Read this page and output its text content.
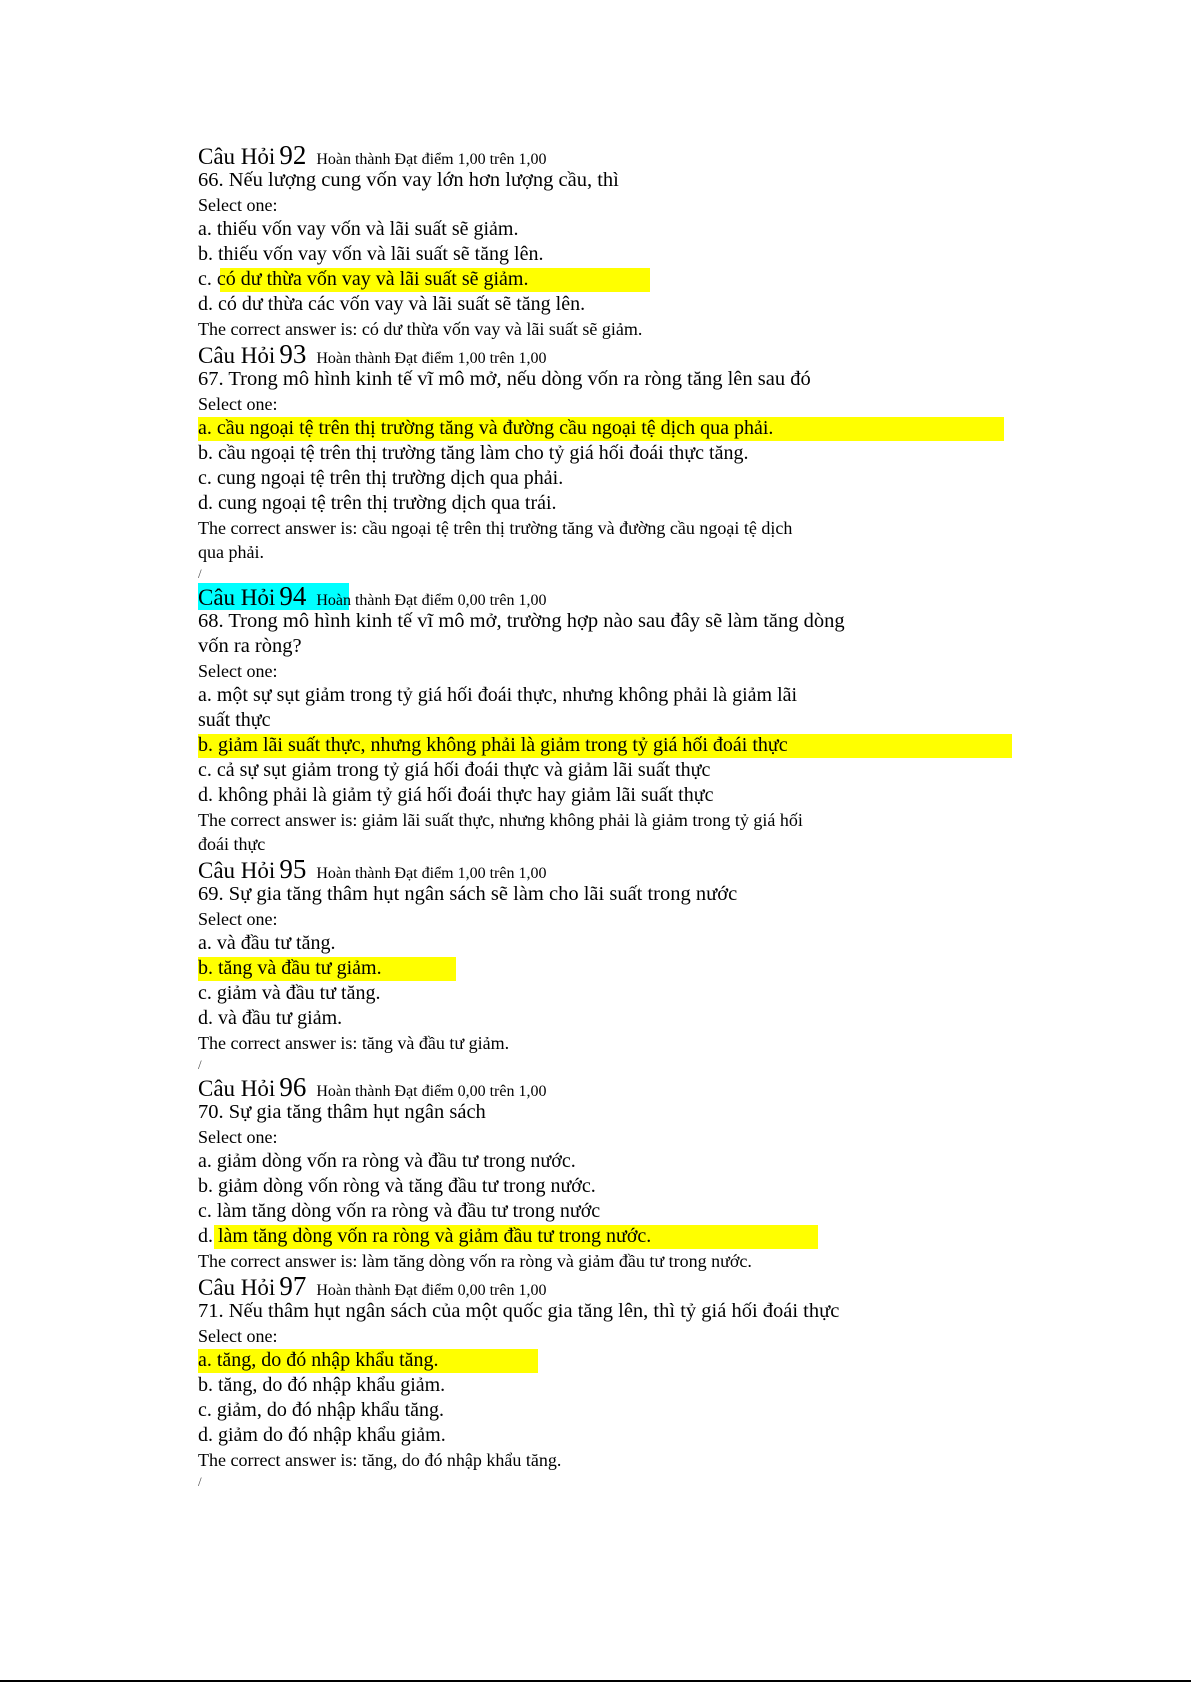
Câu Hỏi 92 Hoàn thành Đạt điểm 1,00 trên 1,00
66. Nếu lượng cung vốn vay lớn hơn lượng cầu, thì
Select one:
a. thiếu vốn vay vốn và lãi suất sẽ giảm.
b. thiếu vốn vay vốn và lãi suất sẽ tăng lên.
c. có dư thừa vốn vay và lãi suất sẽ giảm.
d. có dư thừa các vốn vay và lãi suất sẽ tăng lên.
The correct answer is: có dư thừa vốn vay và lãi suất sẽ giảm.
Câu Hỏi 93 Hoàn thành Đạt điểm 1,00 trên 1,00
67. Trong mô hình kinh tế vĩ mô mở, nếu dòng vốn ra ròng tăng lên sau đó
Select one:
a. cầu ngoại tệ trên thị trường tăng và đường cầu ngoại tệ dịch qua phải.
b. cầu ngoại tệ trên thị trường tăng làm cho tỷ giá hối đoái thực tăng.
c. cung ngoại tệ trên thị trường dịch qua phải.
d. cung ngoại tệ trên thị trường dịch qua trái.
The correct answer is: cầu ngoại tệ trên thị trường tăng và đường cầu ngoại tệ dịch
qua phải.
/
Câu Hỏi 94 Hoàn thành Đạt điểm 0,00 trên 1,00
68. Trong mô hình kinh tế vĩ mô mở, trường hợp nào sau đây sẽ làm tăng dòng
vốn ra ròng?
Select one:
a. một sự sụt giảm trong tỷ giá hối đoái thực, nhưng không phải là giảm lãi
suất thực
b. giảm lãi suất thực, nhưng không phải là giảm trong tỷ giá hối đoái thực
c. cả sự sụt giảm trong tỷ giá hối đoái thực và giảm lãi suất thực
d. không phải là giảm tỷ giá hối đoái thực hay giảm lãi suất thực
The correct answer is: giảm lãi suất thực, nhưng không phải là giảm trong tỷ giá hối
đoái thực
Câu Hỏi 95 Hoàn thành Đạt điểm 1,00 trên 1,00
69. Sự gia tăng thâm hụt ngân sách sẽ làm cho lãi suất trong nước
Select one:
a. và đầu tư tăng.
b. tăng và đầu tư giảm.
c. giảm và đầu tư tăng.
d. và đầu tư giảm.
The correct answer is: tăng và đầu tư giảm.
/
Câu Hỏi 96 Hoàn thành Đạt điểm 0,00 trên 1,00
70. Sự gia tăng thâm hụt ngân sách
Select one:
a. giảm dòng vốn ra ròng và đầu tư trong nước.
b. giảm dòng vốn ròng và tăng đầu tư trong nước.
c. làm tăng dòng vốn ra ròng và đầu tư trong nước
d. làm tăng dòng vốn ra ròng và giảm đầu tư trong nước.
The correct answer is: làm tăng dòng vốn ra ròng và giảm đầu tư trong nước.
Câu Hỏi 97 Hoàn thành Đạt điểm 0,00 trên 1,00
71. Nếu thâm hụt ngân sách của một quốc gia tăng lên, thì tỷ giá hối đoái thực
Select one:
a. tăng, do đó nhập khẩu tăng.
b. tăng, do đó nhập khẩu giảm.
c. giảm, do đó nhập khẩu tăng.
d. giảm do đó nhập khẩu giảm.
The correct answer is: tăng, do đó nhập khẩu tăng.
/
